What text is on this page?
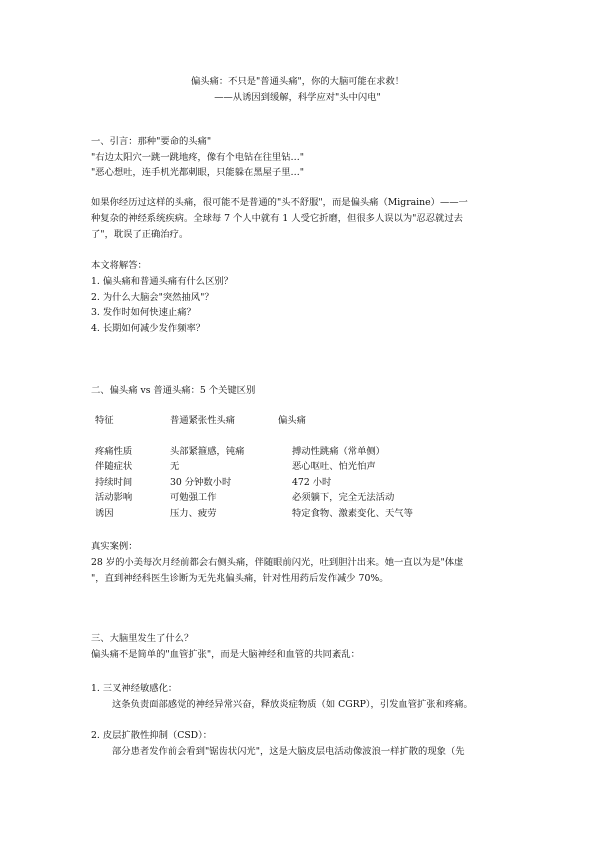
偏头痛：不只是"普通头痛"，你的大脑可能在求救！
——从诱因到缓解，科学应对"头中闪电"
一、引言：那种"要命的头痛"
"右边太阳穴一跳一跳地疼，像有个电钻在往里钻…"
"恶心想吐，连手机光都刺眼，只能躲在黑屋子里…"
如果你经历过这样的头痛，很可能不是普通的"头不舒服"，而是偏头痛（Migraine）——一
种复杂的神经系统疾病。全球每 7 个人中就有 1 人受它折磨，但很多人误以为"忍忍就过去
了"，耽误了正确治疗。
本文将解答：
1. 偏头痛和普通头痛有什么区别？
2. 为什么大脑会"突然抽风"？
3. 发作时如何快速止痛？
4. 长期如何减少发作频率？
二、偏头痛 vs 普通头痛：5 个关键区别
特征	普通紧张性头痛	偏头痛
疼痛性质	头部紧箍感，钝痛	搏动性跳痛（常单侧）
伴随症状	无	恶心呕吐、怕光怕声
持续时间	30 分钟数小时	472 小时
活动影响	可勉强工作	必须躺下，完全无法活动
诱因	压力、疲劳	特定食物、激素变化、天气等
真实案例：
28 岁的小美每次月经前都会右侧头痛，伴随眼前闪光，吐到胆汁出来。她一直以为是"体虚
"，直到神经科医生诊断为无先兆偏头痛，针对性用药后发作减少 70%。
三、大脑里发生了什么？
偏头痛不是简单的"血管扩张"，而是大脑神经和血管的共同紊乱：
1. 三叉神经敏感化：
这条负责面部感觉的神经异常兴奋，释放炎症物质（如 CGRP），引发血管扩张和疼痛。
2. 皮层扩散性抑制（CSD）：
部分患者发作前会看到"锯齿状闪光"，这是大脑皮层电活动像波浪一样扩散的现象（先
